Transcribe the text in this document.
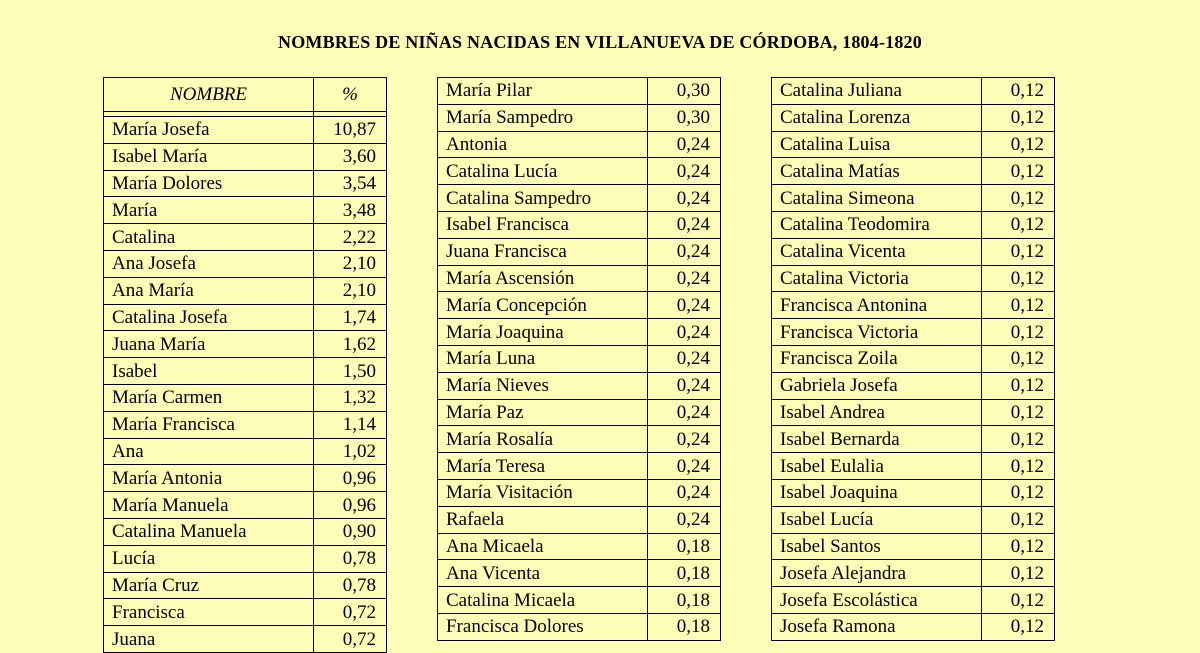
NOMBRES DE NIÑAS NACIDAS EN VILLANUEVA DE CÓRDOBA, 1804-1820
NOMBRE	%

María Josefa	10,87
Isabel María	3,60
María Dolores	3,54
María	3,48
Catalina	2,22
Ana Josefa	2,10
Ana María	2,10
Catalina Josefa	1,74
Juana María	1,62
Isabel	1,50
María Carmen	1,32
María Francisca	1,14
Ana	1,02
María Antonia	0,96
María Manuela	0,96
Catalina Manuela	0,90
Lucía	0,78
María Cruz	0,78
Francisca	0,72
Juana	0,72
María Pilar	0,30
María Sampedro	0,30
Antonia	0,24
Catalina Lucía	0,24
Catalina Sampedro	0,24
Isabel Francisca	0,24
Juana Francisca	0,24
María Ascensión	0,24
María Concepción	0,24
María Joaquina	0,24
María Luna	0,24
María Nieves	0,24
María Paz	0,24
María Rosalía	0,24
María Teresa	0,24
María Visitación	0,24
Rafaela	0,24
Ana Micaela	0,18
Ana Vicenta	0,18
Catalina Micaela	0,18
Francisca Dolores	0,18
Catalina Juliana	0,12
Catalina Lorenza	0,12
Catalina Luisa	0,12
Catalina Matías	0,12
Catalina Simeona	0,12
Catalina Teodomira	0,12
Catalina Vicenta	0,12
Catalina Victoria	0,12
Francisca Antonina	0,12
Francisca Victoria	0,12
Francisca Zoila	0,12
Gabriela Josefa	0,12
Isabel Andrea	0,12
Isabel Bernarda	0,12
Isabel Eulalia	0,12
Isabel Joaquina	0,12
Isabel Lucía	0,12
Isabel Santos	0,12
Josefa Alejandra	0,12
Josefa Escolástica	0,12
Josefa Ramona	0,12
